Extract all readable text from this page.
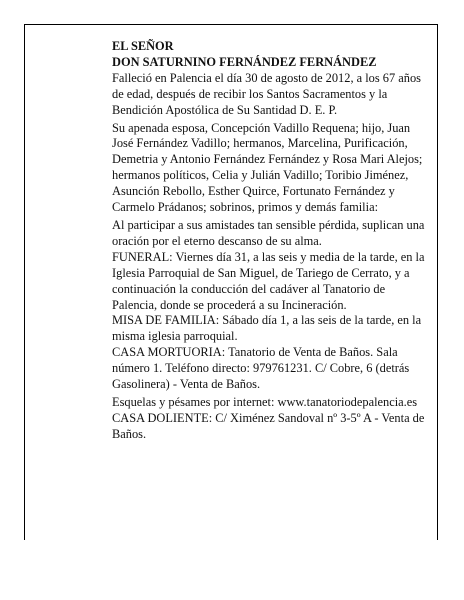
EL SEÑOR
DON SATURNINO FERNÁNDEZ FERNÁNDEZ

Falleció en Palencia el día 30 de agosto de 2012, a los 67 años de edad, después de recibir los Santos Sacramentos y la Bendición Apostólica de Su Santidad D. E. P.

Su apenada esposa, Concepción Vadillo Requena; hijo, Juan José Fernández Vadillo; hermanos, Marcelina, Purificación, Demetria y Antonio Fernández Fernández y Rosa Mari Alejos; hermanos políticos, Celia y Julián Vadillo; Toribio Jiménez, Asunción Rebollo, Esther Quirce, Fortunato Fernández y Carmelo Prádanos; sobrinos, primos y demás familia:

Al participar a sus amistades tan sensible pérdida, suplican una oración por el eterno descanso de su alma.

FUNERAL: Viernes día 31, a las seis y media de la tarde, en la Iglesia Parroquial de San Miguel, de Tariego de Cerrato, y a continuación la conducción del cadáver al Tanatorio de Palencia, donde se procederá a su Incineración.

MISA DE FAMILIA: Sábado día 1, a las seis de la tarde, en la misma iglesia parroquial.

CASA MORTUORIA: Tanatorio de Venta de Baños. Sala número 1. Teléfono directo: 979761231. C/ Cobre, 6 (detrás Gasolinera) - Venta de Baños.

Esquelas y pésames por internet: www.tanatoriodepalencia.es

CASA DOLIENTE: C/ Ximénez Sandoval nº 3-5º A - Venta de Baños.
